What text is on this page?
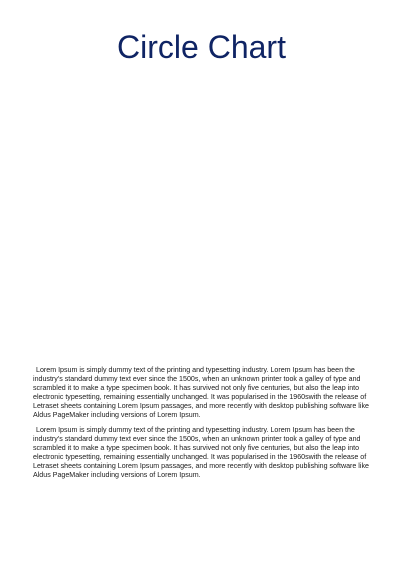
Circle Chart

Lorem Ipsum is simply dummy text of the printing and typesetting industry. Lorem Ipsum has been the industry's standard dummy text ever since the 1500s, when an unknown printer took a galley of type and scrambled it to make a type specimen book. It has survived not only five centuries, but also the leap into electronic typesetting, remaining essentially unchanged. It was popularised in the 1960swith the release of Letraset sheets containing Lorem Ipsum passages, and more recently with desktop publishing software like Aldus PageMaker including versions of Lorem Ipsum.

Lorem Ipsum is simply dummy text of the printing and typesetting industry. Lorem Ipsum has been the industry's standard dummy text ever since the 1500s, when an unknown printer took a galley of type and scrambled it to make a type specimen book. It has survived not only five centuries, but also the leap into electronic typesetting, remaining essentially unchanged. It was popularised in the 1960swith the release of Letraset sheets containing Lorem Ipsum passages, and more recently with desktop publishing software like Aldus PageMaker including versions of Lorem Ipsum.
